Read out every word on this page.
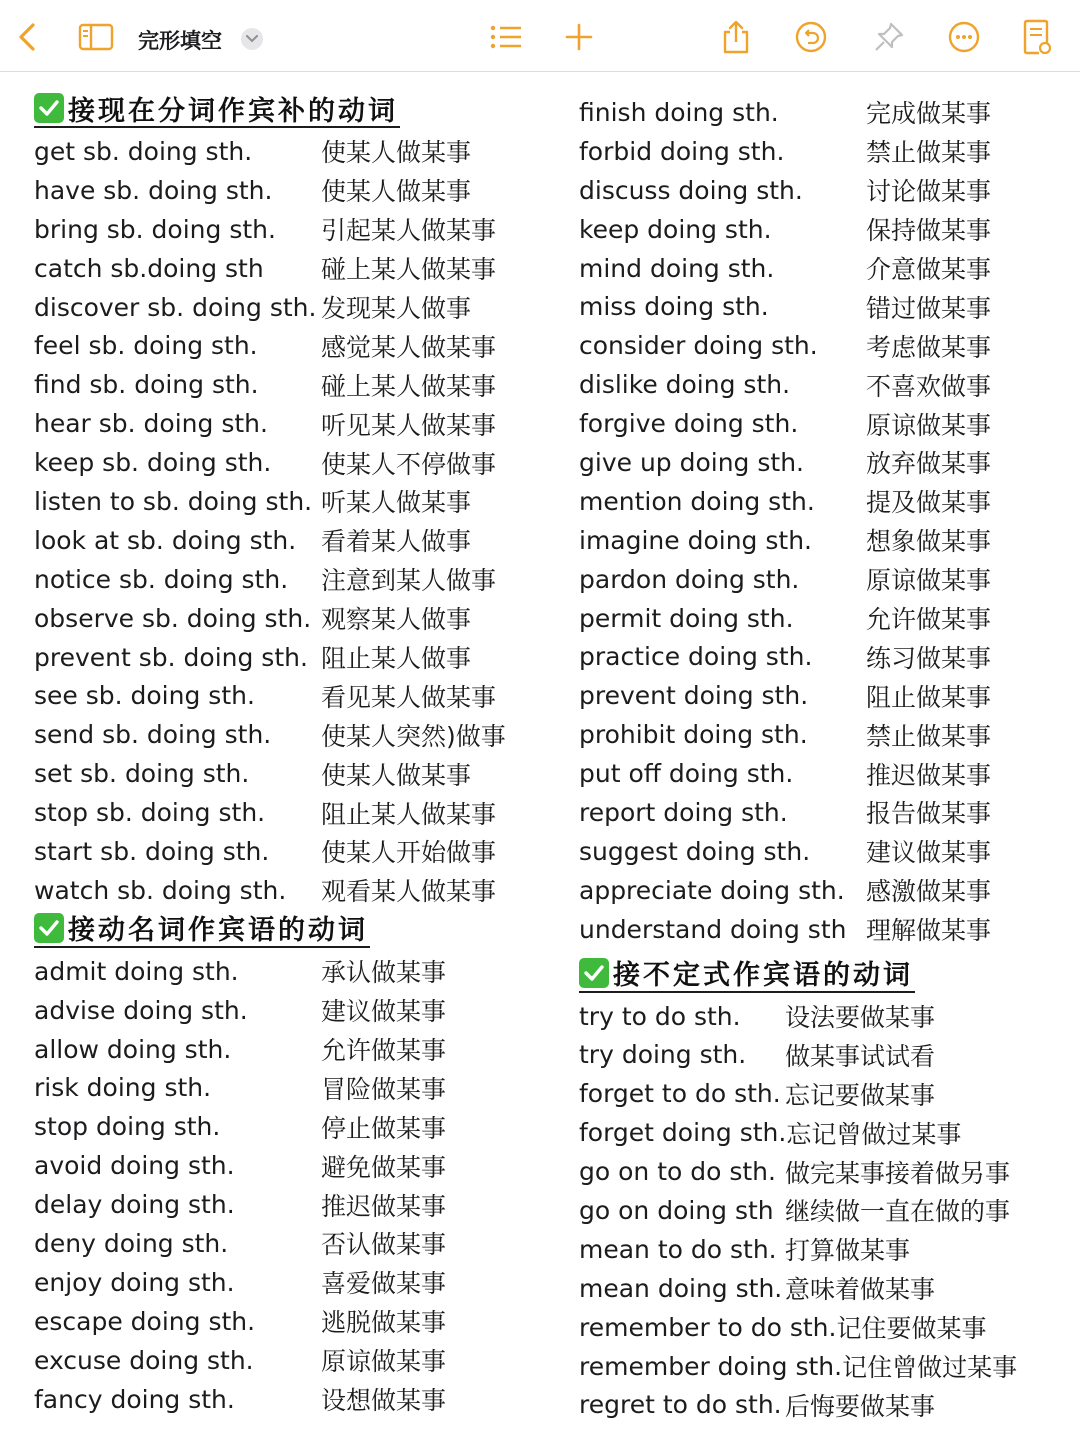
完形填空
接现在分词作宾补的动词
get sb. doing sth.	使某人做某事
have sb. doing sth.	使某人做某事
bring sb. doing sth.	引起某人做某事
catch sb.doing sth	碰上某人做某事
discover sb. doing sth. 发现某人做事
feel sb. doing sth.	感觉某人做某事
find sb. doing sth.	碰上某人做某事
hear sb. doing sth.	听见某人做某事
keep sb. doing sth.	使某人不停做事
listen to sb. doing sth. 听某人做某事
look at sb. doing sth. 看着某人做事
notice sb. doing sth.	注意到某人做事
observe sb. doing sth. 观察某人做事
prevent sb. doing sth. 阻止某人做事
see sb. doing sth.	看见某人做某事
send sb. doing sth.	使某人突然)做事
set sb. doing sth.	使某人做某事
stop sb. doing sth.	阻止某人做某事
start sb. doing sth.	使某人开始做事
watch sb. doing sth.	观看某人做某事
接动名词作宾语的动词
admit doing sth.	承认做某事
advise doing sth.	建议做某事
allow doing sth.	允许做某事
risk doing sth.	冒险做某事
stop doing sth.	停止做某事
avoid doing sth.	避免做某事
delay doing sth.	推迟做某事
deny doing sth.	否认做某事
enjoy doing sth.	喜爱做某事
escape doing sth.	逃脱做某事
excuse doing sth.	原谅做某事
fancy doing sth.	设想做某事
finish doing sth.	完成做某事
forbid doing sth.	禁止做某事
discuss doing sth.	讨论做某事
keep doing sth.	保持做某事
mind doing sth.	介意做某事
miss doing sth.	错过做某事
consider doing sth.	考虑做某事
dislike doing sth.	不喜欢做事
forgive doing sth.	原谅做某事
give up doing sth.	放弃做某事
mention doing sth.	提及做某事
imagine doing sth.	想象做某事
pardon doing sth.	原谅做某事
permit doing sth.	允许做某事
practice doing sth.	练习做某事
prevent doing sth.	阻止做某事
prohibit doing sth.	禁止做某事
put off doing sth.	推迟做某事
report doing sth.	报告做某事
suggest doing sth.	建议做某事
appreciate doing sth. 感激做某事
understand doing sth 理解做某事
接不定式作宾语的动词
try to do sth.	设法要做某事
try doing sth.	做某事试试看
forget to do sth. 忘记要做某事
forget doing sth. 忘记曾做过某事
go on to do sth. 做完某事接着做另事
go on doing sth 继续做一直在做的事
mean to do sth. 打算做某事
mean doing sth. 意味着做某事
remember to do sth. 记住要做某事
remember doing sth. 记住曾做过某事
regret to do sth. 后悔要做某事
